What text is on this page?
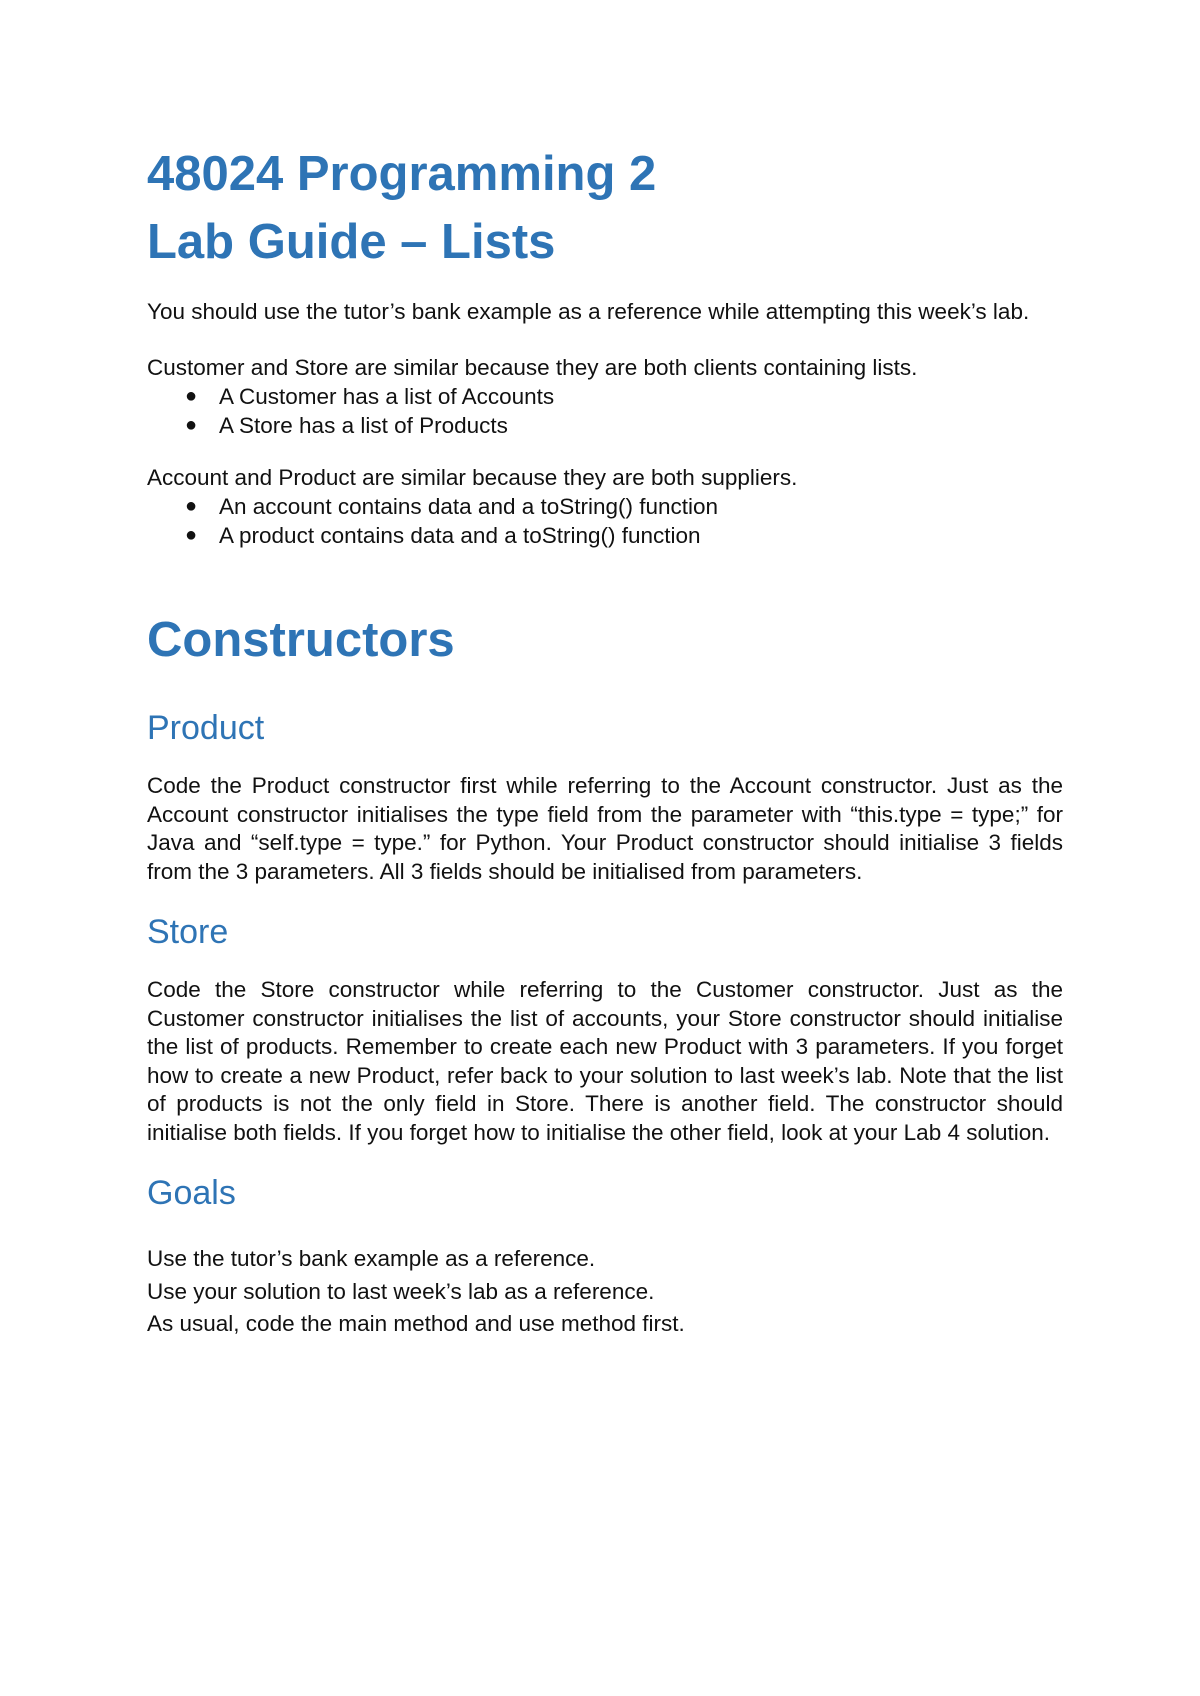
48024 Programming 2
Lab Guide – Lists

You should use the tutor’s bank example as a reference while attempting this week’s lab.

Customer and Store are similar because they are both clients containing lists.

● A Customer has a list of Accounts
● A Store has a list of Products

Account and Product are similar because they are both suppliers.

● An account contains data and a toString() function
● A product contains data and a toString() function
Constructors
Product

Code the Product constructor first while referring to the Account constructor. Just as the Account constructor initialises the type field from the parameter with “this.type = type;” for Java and “self.type = type.” for Python. Your Product constructor should initialise 3 fields from the 3 parameters. All 3 fields should be initialised from parameters.

Store

Code the Store constructor while referring to the Customer constructor. Just as the Customer constructor initialises the list of accounts, your Store constructor should initialise the list of products. Remember to create each new Product with 3 parameters. If you forget how to create a new Product, refer back to your solution to last week’s lab. Note that the list of products is not the only field in Store. There is another field. The constructor should initialise both fields. If you forget how to initialise the other field, look at your Lab 4 solution.

Goals
Use the tutor’s bank example as a reference.
Use your solution to last week’s lab as a reference.
As usual, code the main method and use method first.
